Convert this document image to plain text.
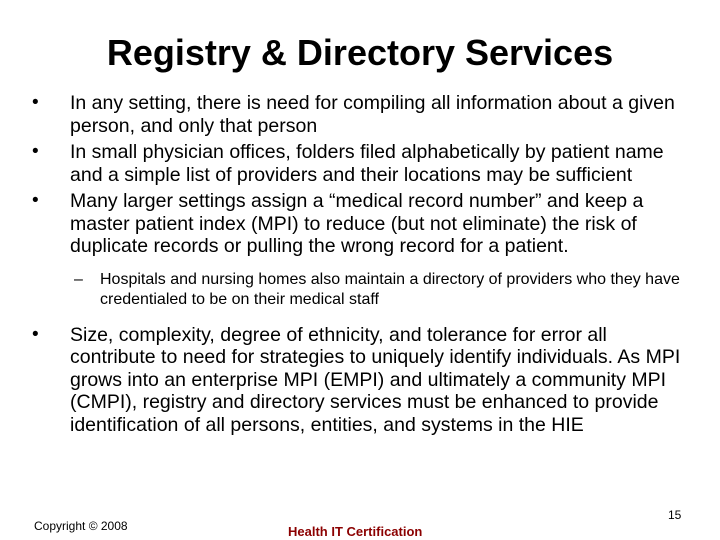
Registry & Directory Services
• In any setting, there is need for compiling all information about a given person, and only that person
• In small physician offices, folders filed alphabetically by patient name and a simple list of providers and their locations may be sufficient
• Many larger settings assign a “medical record number” and keep a master patient index (MPI) to reduce (but not eliminate) the risk of duplicate records or pulling the wrong record for a patient.
– Hospitals and nursing homes also maintain a directory of providers who they have credentialed to be on their medical staff
• Size, complexity, degree of ethnicity, and tolerance for error all contribute to need for strategies to uniquely identify individuals. As MPI grows into an enterprise MPI (EMPI) and ultimately a community MPI (CMPI), registry and directory services must be enhanced to provide identification of all persons, entities, and systems in the HIE
15
Copyright © 2008	Health IT Certification
